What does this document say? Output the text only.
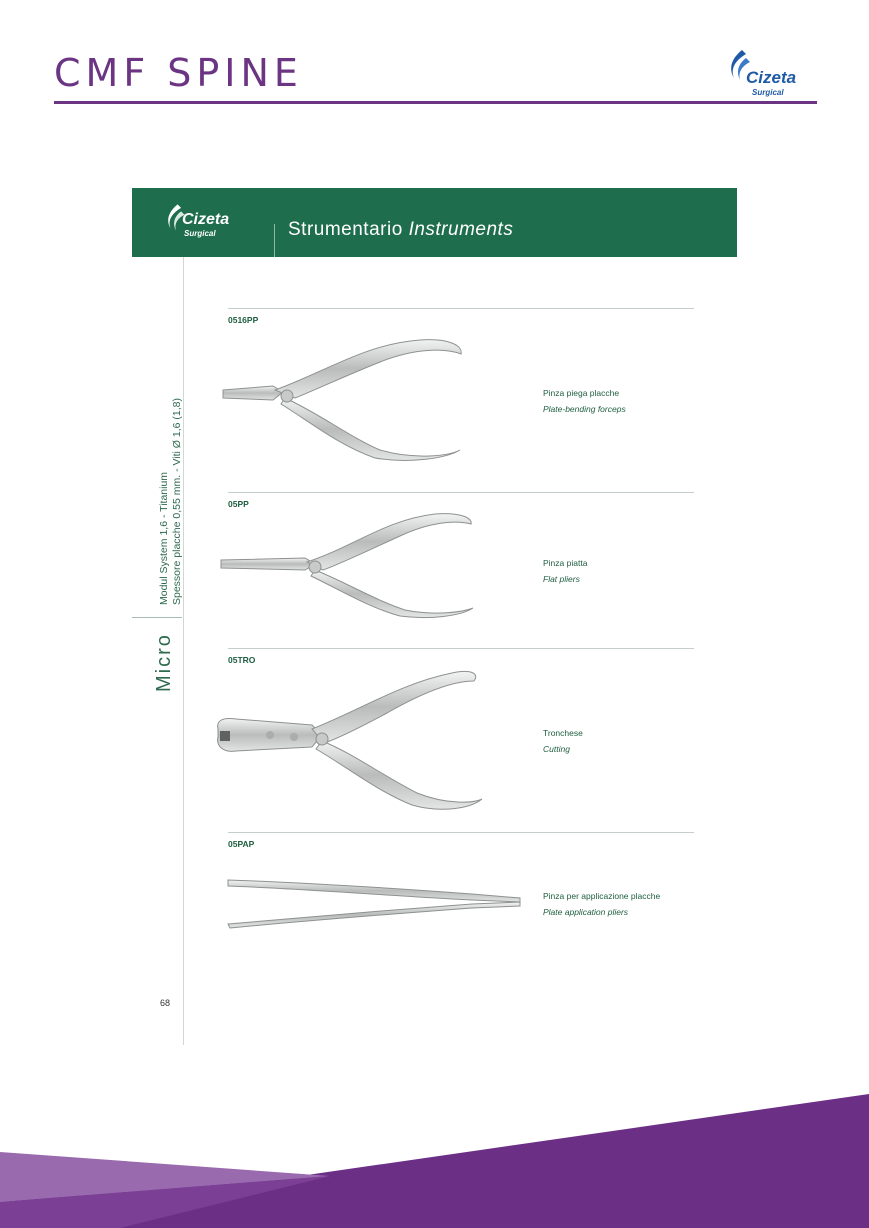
CMF SPINE	Cizeta
Surgical
Cizeta
Surgical	Strumentario Instruments
Modul System 1,6 - Titanium Spessore placche 0,55 mm. - Viti Ø 1,6 (1,8)
Micro
68
0516PP
Pinza piega placche
Plate-bending forceps
05PP
Pinza piatta
Flat pliers
05TRO
Tronchese
Cutting
05PAP
Pinza per applicazione placche
Plate application pliers
